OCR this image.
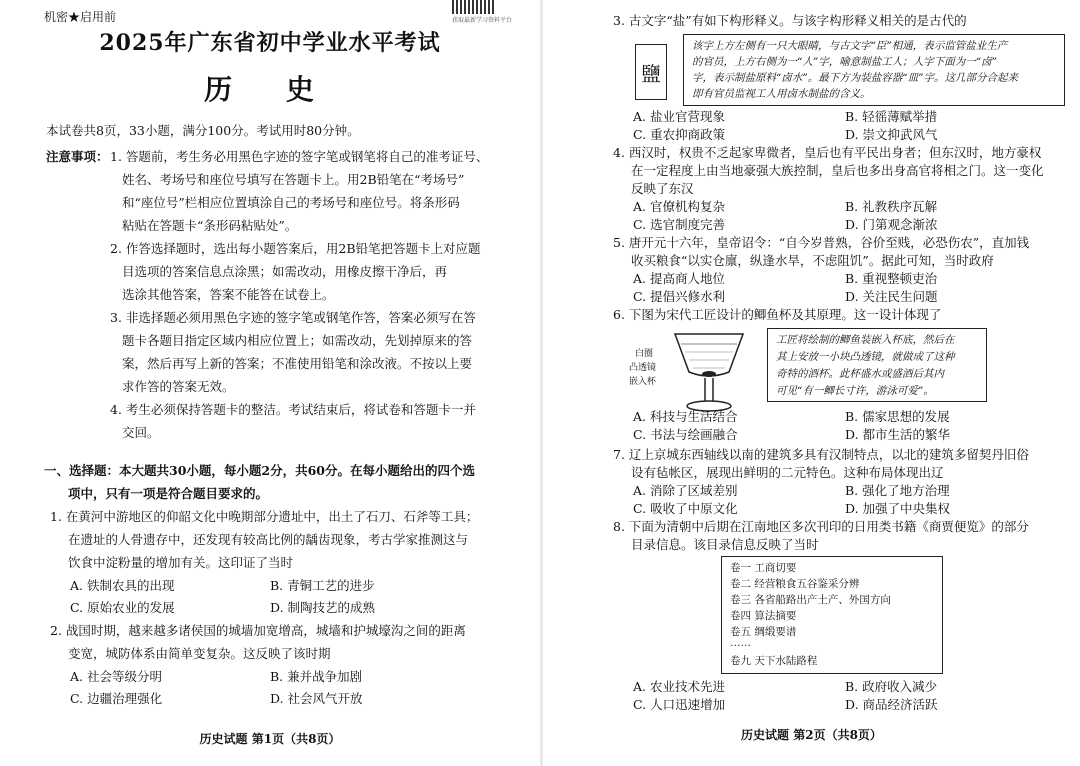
机密★启用前	获取最新学习资料平台
2025年广东省初中学业水平考试
历 史
本试卷共8页，33小题，满分100分。考试用时80分钟。
注意事项： 1. 答题前，考生务必用黑色字迹的签字笔或钢笔将自己的准考证号、
姓名、考场号和座位号填写在答题卡上。用2B铅笔在“考场号”
和“座位号”栏相应位置填涂自己的考场号和座位号。将条形码
粘贴在答题卡“条形码粘贴处”。
2. 作答选择题时，选出每小题答案后，用2B铅笔把答题卡上对应题
目选项的答案信息点涂黑；如需改动，用橡皮擦干净后，再
选涂其他答案，答案不能答在试卷上。
3. 非选择题必须用黑色字迹的签字笔或钢笔作答，答案必须写在答
题卡各题目指定区域内相应位置上；如需改动，先划掉原来的答
案，然后再写上新的答案；不准使用铅笔和涂改液。不按以上要
求作答的答案无效。
4. 考生必须保持答题卡的整洁。考试结束后，将试卷和答题卡一并
交回。
一、选择题：本大题共30小题，每小题2分，共60分。在每小题给出的四个选
项中，只有一项是符合题目要求的。
1. 在黄河中游地区的仰韶文化中晚期部分遗址中，出土了石刀、石斧等工具；
在遗址的人骨遗存中，还发现有较高比例的龋齿现象，考古学家推测这与
饮食中淀粉量的增加有关。这印证了当时
A. 铁制农具的出现	B. 青铜工艺的进步
C. 原始农业的发展	D. 制陶技艺的成熟
2. 战国时期，越来越多诸侯国的城墙加宽增高，城墙和护城壕沟之间的距离
变宽，城防体系由简单变复杂。这反映了该时期
A. 社会等级分明	B. 兼并战争加剧
C. 边疆治理强化	D. 社会风气开放
历史试题 第1页（共8页）
3. 古文字“盐”有如下构形释义。与该字构形释义相关的是古代的
鹽
该字上方左侧有一只大眼睛，与古文字“臣”相通，表示监管盐业生产
的官员，上方右侧为一“人”字，喻意制盐工人；人字下面为一“卤”
字，表示制盐原料“卤水”。最下方为装盐容器“皿”字。这几部分合起来
即有官员监视工人用卤水制盐的含义。
A. 盐业官营现象	B. 轻徭薄赋举措
C. 重农抑商政策	D. 崇文抑武风气
4. 西汉时，权贵不乏起家卑微者，皇后也有平民出身者；但东汉时，地方豪权
在一定程度上由当地豪强大族控制，皇后也多出身高官将相之门。这一变化
反映了东汉
A. 官僚机构复杂	B. 礼教秩序瓦解
C. 选官制度完善	D. 门第观念渐浓
5. 唐开元十六年，皇帝诏令：“自今岁普熟，谷价至贱，必恐伤农”，直加钱
收买粮食“以实仓廪，纵逢水旱，不虑阻饥”。据此可知，当时政府
A. 提高商人地位	B. 重视整顿吏治
C. 提倡兴修水利	D. 关注民生问题
6. 下图为宋代工匠设计的鲫鱼杯及其原理。这一设计体现了
白圈
凸透镜
嵌入杯
工匠将绘制的鲫鱼装嵌入杯底，然后在
其上安放一小块凸透镜，就做成了这种
奇特的酒杯。此杯盛水或盛酒后其内
可见“有一鲫长寸许，游泳可爱”。
A. 科技与生活结合	B. 儒家思想的发展
C. 书法与绘画融合	D. 都市生活的繁华
7. 辽上京城东西轴线以南的建筑多具有汉制特点，以北的建筑多留契丹旧俗
设有毡帐区，展现出鲜明的二元特色。这种布局体现出辽
A. 消除了区域差别	B. 强化了地方治理
C. 吸收了中原文化	D. 加强了中央集权
8. 下面为清朝中后期在江南地区多次刊印的日用类书籍《商贾便览》的部分
目录信息。该目录信息反映了当时
卷一 工商切要
卷二 经营粮食五谷鉴采分辨
卷三 各省船路出产土产、外国方向
卷四 算法摘要
卷五 绸缎要谱
……
卷九 天下水陆路程
A. 农业技术先进	B. 政府收入减少
C. 人口迅速增加	D. 商品经济活跃
历史试题 第2页（共8页）
